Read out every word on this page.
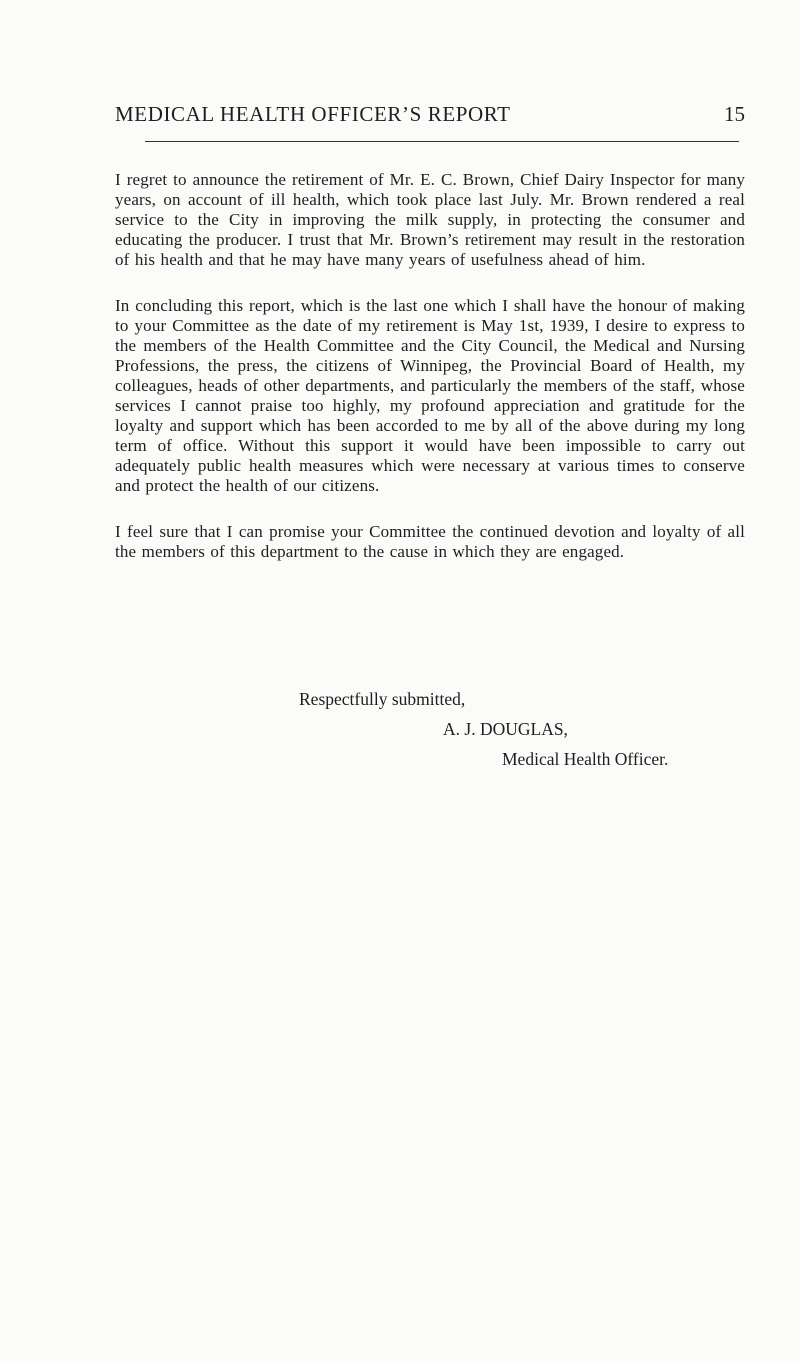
MEDICAL HEALTH OFFICER’S REPORT	15

I regret to announce the retirement of Mr. E. C. Brown, Chief Dairy Inspector for many years, on account of ill health, which took place last July. Mr. Brown rendered a real service to the City in improving the milk supply, in protecting the consumer and educating the producer. I trust that Mr. Brown’s retirement may result in the restoration of his health and that he may have many years of usefulness ahead of him.

In concluding this report, which is the last one which I shall have the honour of making to your Committee as the date of my retirement is May 1st, 1939, I desire to express to the members of the Health Committee and the City Council, the Medical and Nursing Professions, the press, the citizens of Winnipeg, the Provincial Board of Health, my colleagues, heads of other departments, and particularly the members of the staff, whose services I cannot praise too highly, my profound appreciation and gratitude for the loyalty and support which has been accorded to me by all of the above during my long term of office. Without this support it would have been impossible to carry out adequately public health measures which were necessary at various times to conserve and protect the health of our citizens.

I feel sure that I can promise your Committee the continued devotion and loyalty of all the members of this department to the cause in which they are engaged.

Respectfully submitted,
A. J. DOUGLAS,
Medical Health Officer.
